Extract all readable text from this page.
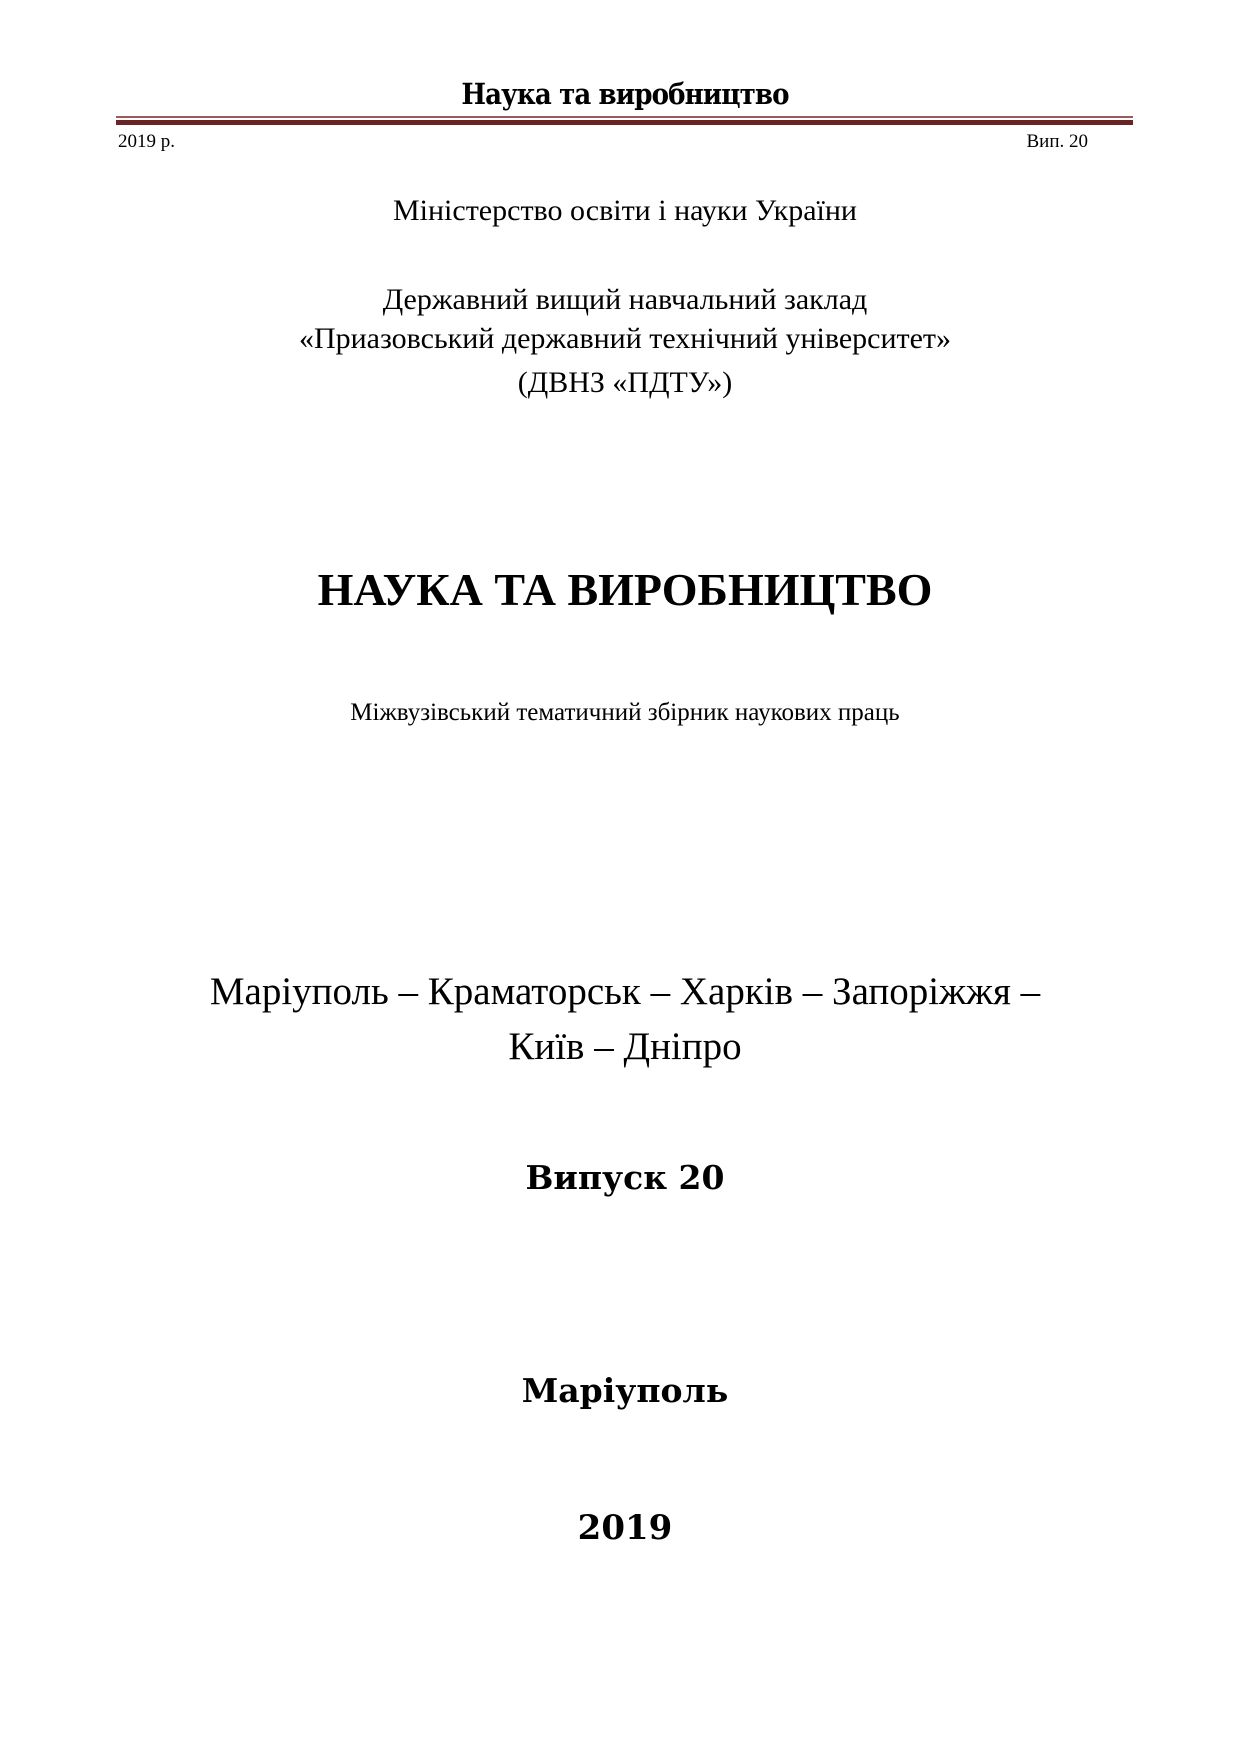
Наука та виробництво
2019 р.	Вип. 20
Міністерство освіти і науки України
Державний вищий навчальний заклад
«Приазовський державний технічний університет»
(ДВНЗ «ПДТУ»)
НАУКА ТА ВИРОБНИЦТВО
Міжвузівський тематичний збірник наукових праць
Маріуполь – Краматорськ – Харків – Запоріжжя –
Київ – Дніпро
Випуск 20
Маріуполь
2019
